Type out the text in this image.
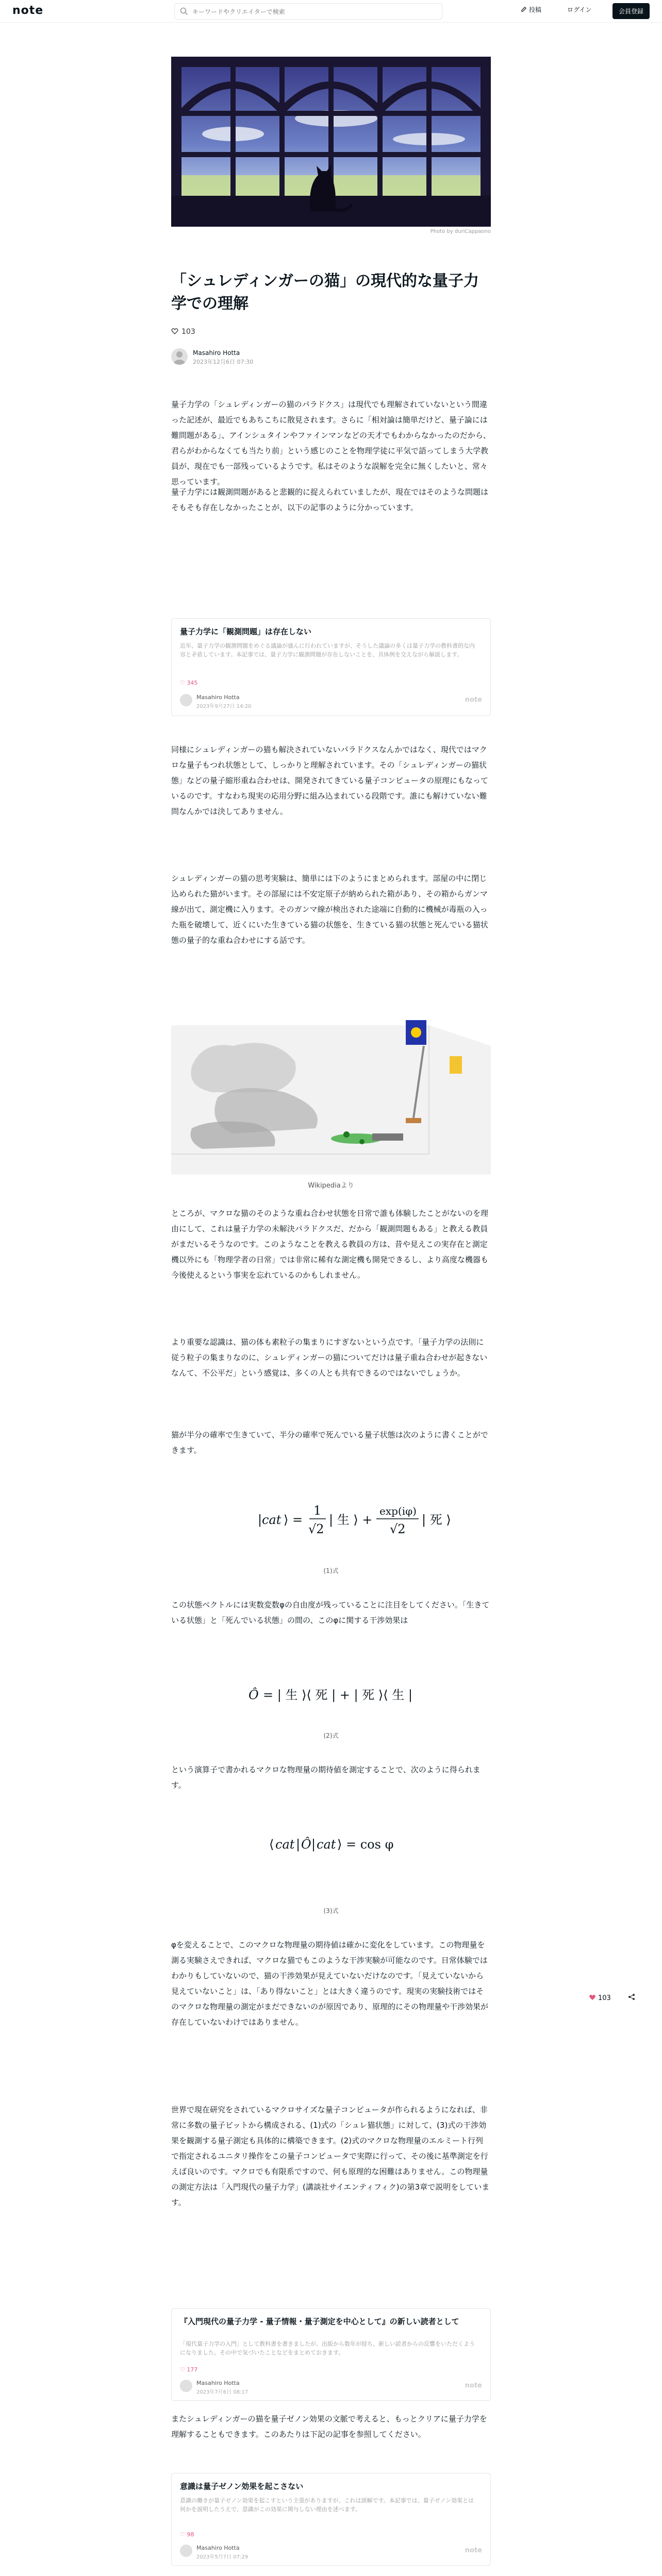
note
キーワードやクリエイターで検索	投稿	ログイン	会員登録
Photo by duriCappaono
「シュレディンガーの猫」の現代的な量子力学での理解
103
Masahiro Hotta
2023年12月6日 07:30

量子力学の「シュレディンガーの猫のパラドクス」は現代でも理解されていないという間違った記述が、最近でもあちこちに散見されます。さらに「相対論は簡単だけど、量子論には難問題がある」、アインシュタインやファインマンなどの天才でもわからなかったのだから、君らがわからなくても当たり前」という感じのことを物理学徒に平気で語ってしまう大学教員が、現在でも一部残っているようです。私はそのような誤解を完全に無くしたいと、常々思っています。

量子力学には観測問題があると悲観的に捉えられていましたが、現在ではそのような問題はそもそも存在しなかったことが、以下の記事のように分かっています。

量子力学に「観測問題」は存在しない
近年、量子力学の観測問題をめぐる議論が盛んに行われていますが、そうした議論の多くは量子力学の教科書的な内容と矛盾しています。本記事では、量子力学に観測問題が存在しないことを、具体例を交えながら解説します。
♡ 345
Masahiro Hotta
2023年9月27日 14:20
note

同様にシュレディンガーの猫も解決されていないパラドクスなんかではなく、現代ではマクロな量子もつれ状態として、しっかりと理解されています。その「シュレディンガーの猫状態」などの量子縮形重ね合わせは、開発されてきている量子コンピュータの原理にもなっているのです。すなわち現実の応用分野に組み込まれている段階です。誰にも解けていない難問なんかでは決してありません。

シュレディンガーの猫の思考実験は、簡単には下のようにまとめられます。部屋の中に閉じ込められた猫がいます。その部屋には不安定原子が納められた箱があり、その箱からガンマ線が出て、測定機に入ります。そのガンマ線が検出された途端に自動的に機械が毒瓶の入った瓶を破壊して、近くにいた生きている猫の状態を、生きている猫の状態と死んでいる猫状態の量子的な重ね合わせにする話です。

Wikipediaより

ところが、マクロな猫のそのような重ね合わせ状態を日常で誰も体験したことがないのを理由にして、これは量子力学の未解決パラドクスだ、だから「観測問題もある」と教える教員がまだいるそうなのです。このようなことを教える教員の方は、昔や見えこの実存在と測定機以外にも「物理学者の日常」では非常に稀有な測定機も開発できるし、より高度な機器も今後使えるという事実を忘れているのかもしれません。

より重要な認識は、猫の体も素粒子の集まりにすぎないという点です。「量子力学の法則に従う粒子の集まりなのに、シュレディンガーの猫についてだけは量子重ね合わせが起きないなんて、不公平だ」という感覚は、多くの人とも共有できるのではないでしょうか。

猫が半分の確率で生きていて、半分の確率で死んでいる量子状態は次のように書くことができます。

| cat ⟩ =
1
√2
| 生 ⟩ +
exp(iφ)
√2
| 死 ⟩
(1)式

この状態ベクトルには実数変数φの自由度が残っていることに注目をしてください。「生きている状態」と「死んでいる状態」の間の、このφに関する干渉効果は

Ô = | 生 ⟩⟨ 死 | + | 死 ⟩⟨ 生 |
(2)式

という演算子で書かれるマクロな物理量の期待値を測定することで、次のように得られます。

⟨ cat | Ô | cat ⟩ = cos φ
(3)式

φを変えることで、このマクロな物理量の期待値は確かに変化をしています。この物理量を測る実験さえできれば、マクロな猫でもこのような干渉実験が可能なのです。日常体験ではわかりもしていないので、猫の干渉効果が見えていないだけなのです。「見えていないから見えていないこと」は、「あり得ないこと」とは大きく違うのです。現実の実験技術ではそのマクロな物理量の測定がまだできないのが原因であり、原理的にその物理量や干渉効果が存在していないわけではありません。

世界で現在研究をされているマクロサイズな量子コンピュータが作られるようになれば、非常に多数の量子ビットから構成される、(1)式の「シュレ猫状態」に対して、(3)式の干渉効果を観測する量子測定も具体的に構築できます。(2)式のマクロな物理量のエルミート行列で指定されるユニタリ操作をこの量子コンピュータで実際に行って、その後に基準測定を行えば良いのです。マクロでも有限系ですので、何も原理的な困難はありません。この物理量の測定方法は「入門現代の量子力学」(講談社サイエンティフィク)の第3章で説明をしています。

『入門現代の量子力学 - 量子情報・量子測定を中心として』の新しい読者として
「現代量子力学の入門」として教科書を書きましたが、出版から数年が経ち、新しい読者からの反響をいただくようになりました。その中で気づいたことなどをまとめておきます。
♡ 177
Masahiro Hotta
2023年7月6日 08:17
note

またシュレディンガーの猫を量子ゼノン効果の文脈で考えると、もっとクリアに量子力学を理解することもできます。このあたりは下記の記事を参照してください。

意識は量子ゼノン効果を起こさない
意識の働きが量子ゼノン効果を起こすという主張がありますが、これは誤解です。本記事では、量子ゼノン効果とは何かを説明したうえで、意識がこの効果に関与しない理由を述べます。
♡ 98
Masahiro Hotta
2023年5月7日 07:29
note

103
